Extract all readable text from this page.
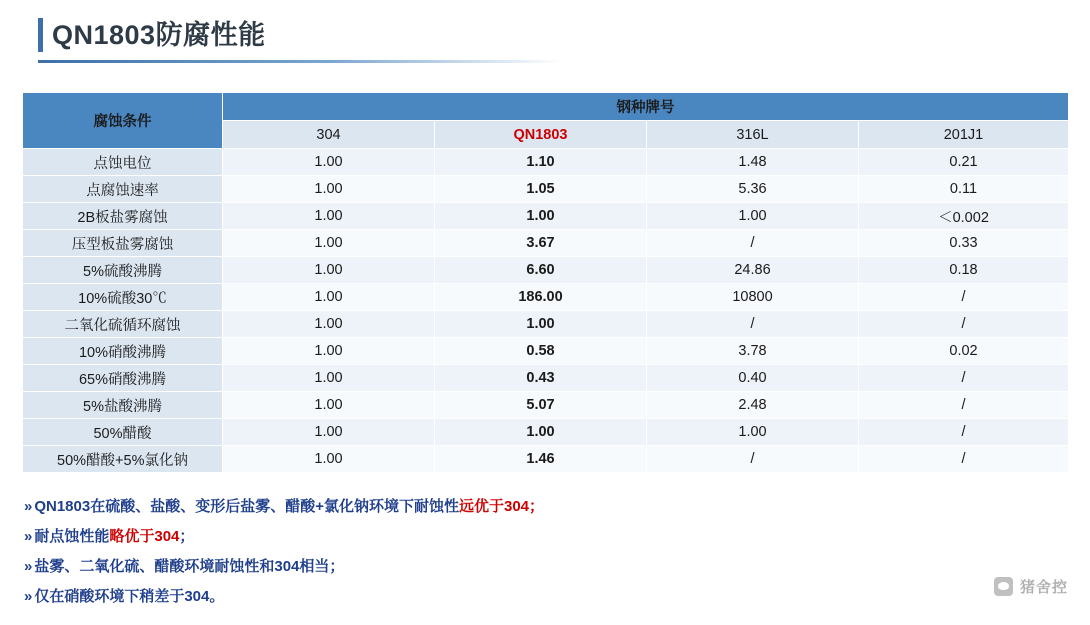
QN1803防腐性能
腐蚀条件	钢种牌号			
	304	QN1803	316L	201J1
点蚀电位	1.00	1.10	1.48	0.21
点腐蚀速率	1.00	1.05	5.36	0.11
2B板盐雾腐蚀	1.00	1.00	1.00	＜0.002
压型板盐雾腐蚀	1.00	3.67	/	0.33
5%硫酸沸腾	1.00	6.60	24.86	0.18
10%硫酸30℃	1.00	186.00	10800	/
二氧化硫循环腐蚀	1.00	1.00	/	/
10%硝酸沸腾	1.00	0.58	3.78	0.02
65%硝酸沸腾	1.00	0.43	0.40	/
5%盐酸沸腾	1.00	5.07	2.48	/
50%醋酸	1.00	1.00	1.00	/
50%醋酸+5%氯化钠	1.00	1.46	/	/
» QN1803在硫酸、盐酸、变形后盐雾、醋酸+氯化钠环境下耐蚀性远优于304；
» 耐点蚀性能略优于304；
» 盐雾、二氧化硫、醋酸环境耐蚀性和304相当；
» 仅在硝酸环境下稍差于304。
猪舍控
